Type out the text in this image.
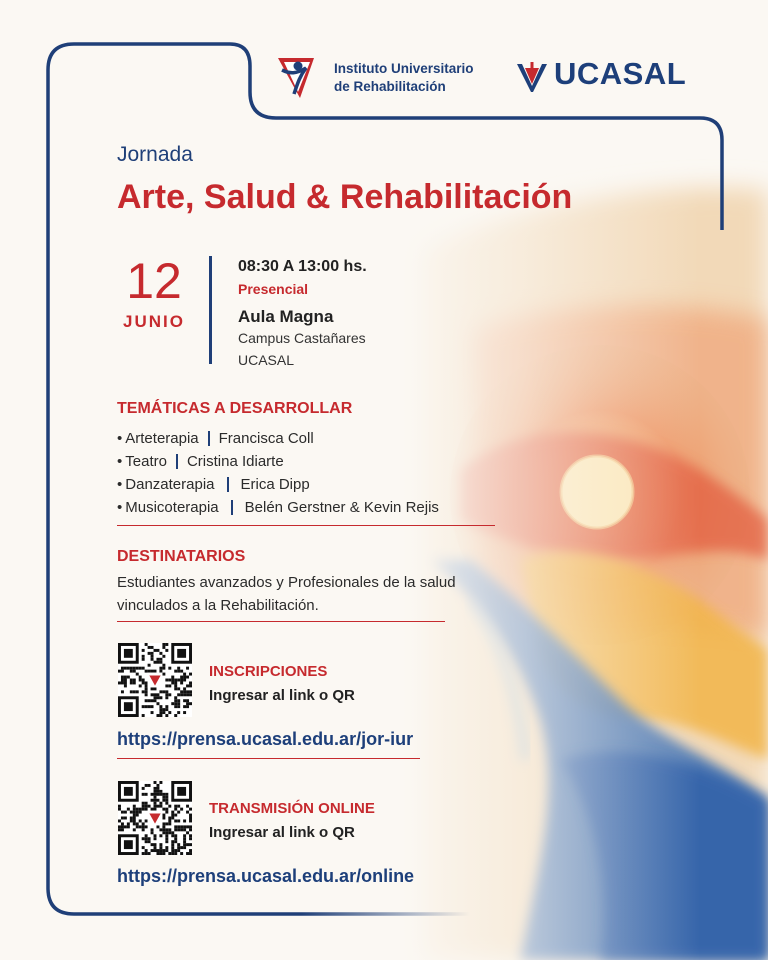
Instituto Universitario
de Rehabilitación	UCASAL
Jornada
Arte, Salud & Rehabilitación
12
JUNIO
08:30 A 13:00 hs.
Presencial
Aula Magna
Campus Castañares
UCASAL
TEMÁTICAS A DESARROLLAR
• Arteterapia Francisca Coll
• Teatro Cristina Idiarte
• Danzaterapia Erica Dipp
• Musicoterapia Belén Gerstner & Kevin Rejis
DESTINATARIOS
Estudiantes avanzados y Profesionales de la salud vinculados a la Rehabilitación.
INSCRIPCIONES
Ingresar al link o QR
https://prensa.ucasal.edu.ar/jor-iur
TRANSMISIÓN ONLINE
Ingresar al link o QR
https://prensa.ucasal.edu.ar/online
